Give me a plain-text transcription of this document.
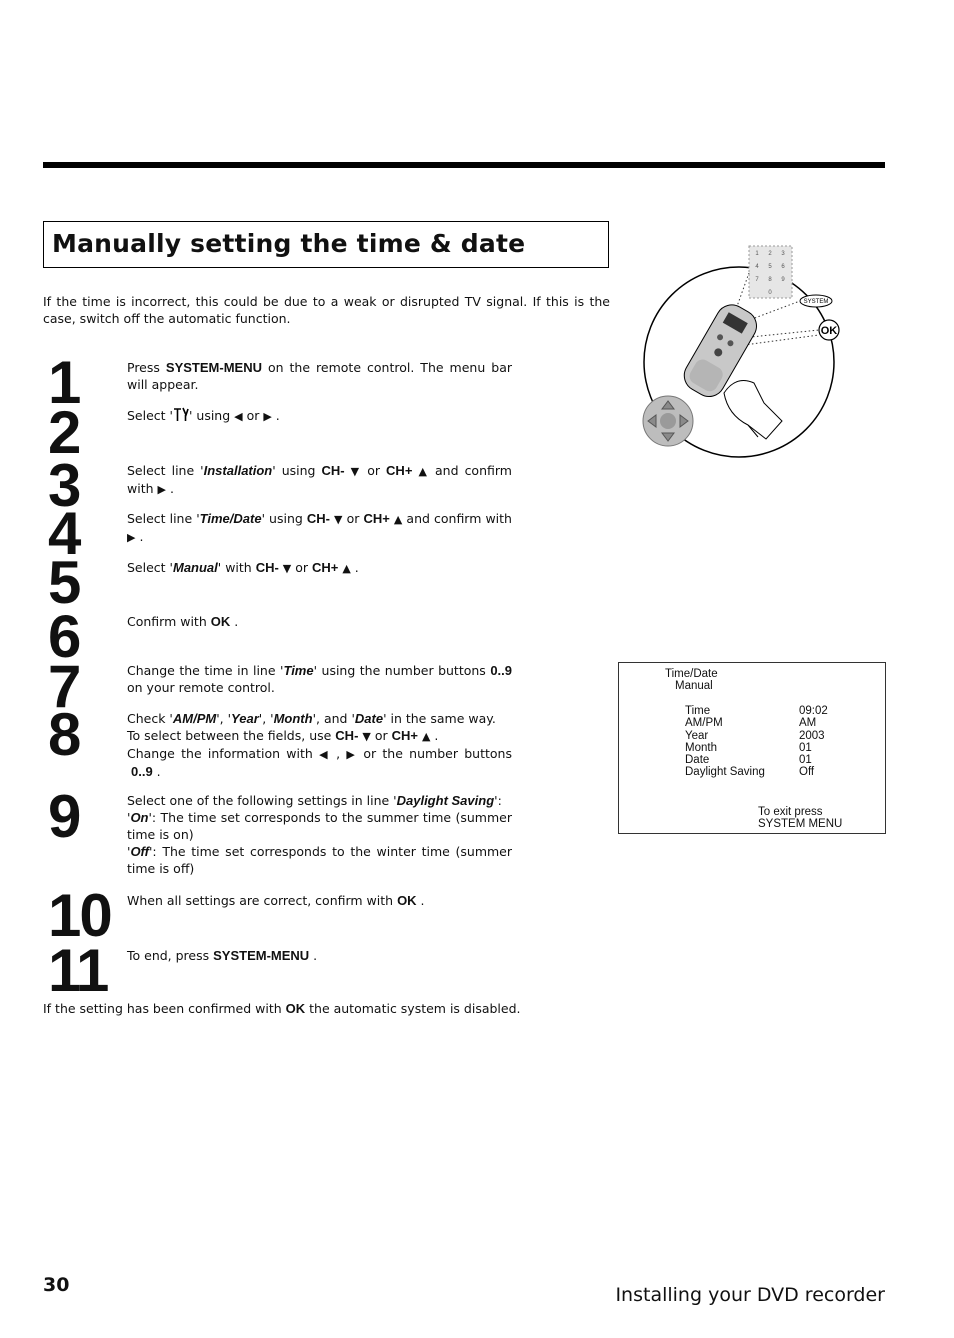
Manually setting the time & date
If the time is incorrect, this could be due to a weak or disrupted TV signal. If this is the case, switch off the automatic function.
1
2
3
4
5
6
7
8
9
10
11
Press SYSTEM-MENU on the remote control. The menu bar will appear.
Select ' ' using ◀ or ▶ .
Select line 'Installation' using CH- ▼ or CH+ ▲ and confirm with ▶ .
Select line 'Time/Date' using CH- ▼ or CH+ ▲ and confirm with ▶ .
Select 'Manual' with CH- ▼ or CH+ ▲ .
Confirm with OK .
Change the time in line 'Time' using the number buttons 0..9 on your remote control.
Check 'AM/PM', 'Year', 'Month', and 'Date' in the same way.
To select between the fields, use CH- ▼ or CH+ ▲ .
Change the information with ◀ , ▶ or the number buttons
0..9 .
Select one of the following settings in line 'Daylight Saving':
'On': The time set corresponds to the summer time (summer time is on)
'Off': The time set corresponds to the winter time (summer time is off)
When all settings are correct, confirm with OK .
To end, press SYSTEM-MENU .
If the setting has been confirmed with OK the automatic system is disabled.
1 2 3
4 5 6
7 8 9
0
SYSTEM
OK
Time/Date
Manual
Time	09:02
AM/PM	AM
Year	2003
Month	01
Date	01
Daylight Saving	Off
To exit press
SYSTEM MENU
30	Installing your DVD recorder
